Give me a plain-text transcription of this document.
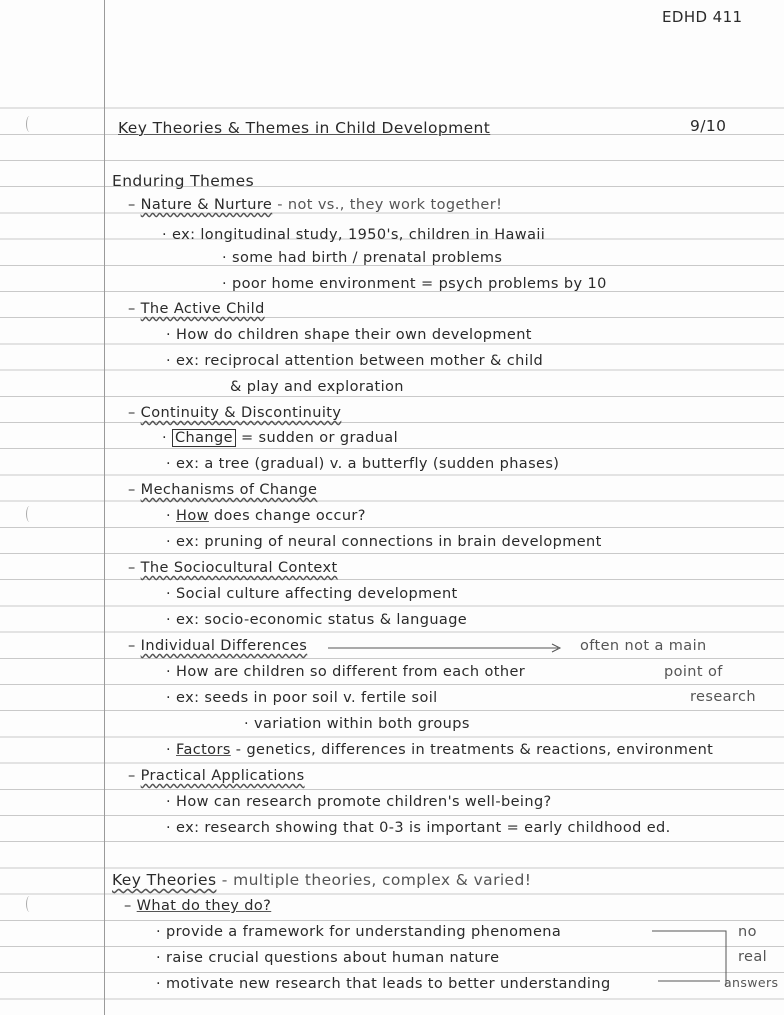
EDHD 411
Key Theories & Themes in Child Development	9/10
Enduring Themes
– Nature & Nurture - not vs., they work together!
· ex: longitudinal study, 1950's, children in Hawaii
· some had birth / prenatal problems
· poor home environment = psych problems by 10
– The Active Child
· How do children shape their own development
· ex: reciprocal attention between mother & child
& play and exploration
– Continuity & Discontinuity
· Change = sudden or gradual
· ex: a tree (gradual) v. a butterfly (sudden phases)
– Mechanisms of Change
· How does change occur?
· ex: pruning of neural connections in brain development
– The Sociocultural Context
· Social culture affecting development
· ex: socio-economic status & language
– Individual Differences	often not a main
point of
research
· How are children so different from each other
· ex: seeds in poor soil v. fertile soil
· variation within both groups
· Factors - genetics, differences in treatments & reactions, environment
– Practical Applications
· How can research promote children's well-being?
· ex: research showing that 0-3 is important = early childhood ed.
Key Theories - multiple theories, complex & varied!
– What do they do?
· provide a framework for understanding phenomena
· raise crucial questions about human nature
· motivate new research that leads to better understanding
no
real
answers
